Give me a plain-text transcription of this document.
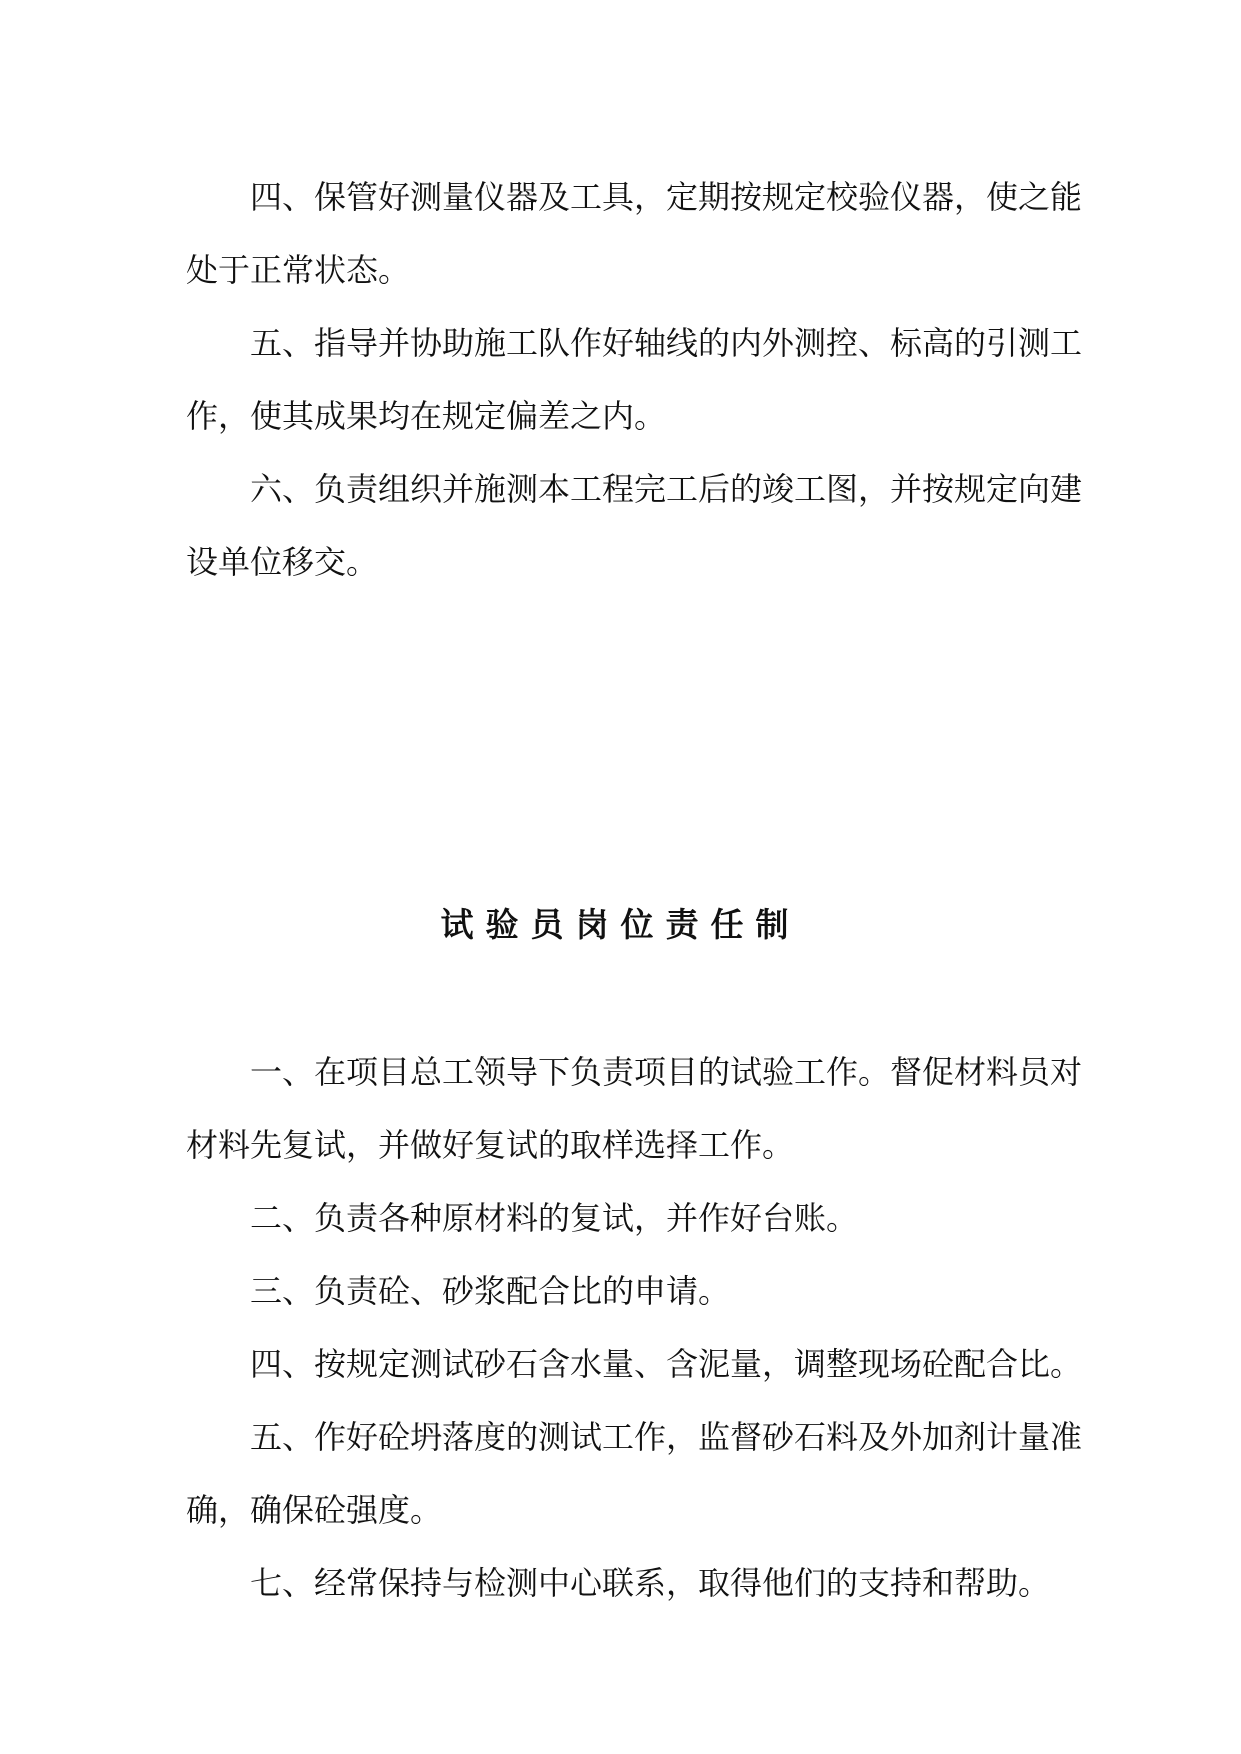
四、保管好测量仪器及工具，定期按规定校验仪器，使之能处于正常状态。

五、指导并协助施工队作好轴线的内外测控、标高的引测工作，使其成果均在规定偏差之内。

六、负责组织并施测本工程完工后的竣工图，并按规定向建设单位移交。

试验员岗位责任制

一、在项目总工领导下负责项目的试验工作。督促材料员对材料先复试，并做好复试的取样选择工作。

二、负责各种原材料的复试，并作好台账。

三、负责砼、砂浆配合比的申请。

四、按规定测试砂石含水量、含泥量，调整现场砼配合比。

五、作好砼坍落度的测试工作，监督砂石料及外加剂计量准确，确保砼强度。

七、经常保持与检测中心联系，取得他们的支持和帮助。
